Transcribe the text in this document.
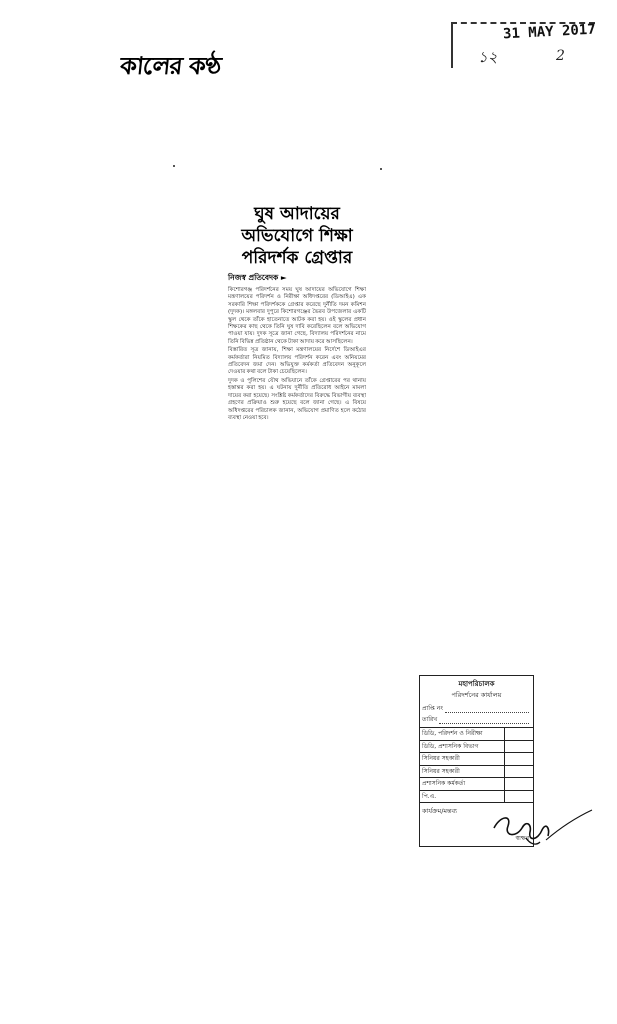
কালের কণ্ঠ
31 MAY 2017
১২	2
ঘুষ আদায়ের
অভিযোগে শিক্ষা
পরিদর্শক গ্রেপ্তার
নিজস্ব প্রতিবেদক ►

কিশোরগঞ্জ পরিদর্শনের সময় ঘুষ আদায়ের অভিযোগে শিক্ষা মন্ত্রণালয়ের পরিদর্শন ও নিরীক্ষা অধিদপ্তরের (ডিআইএ) এক সরকারি শিক্ষা পরিদর্শককে গ্রেপ্তার করেছে দুর্নীতি দমন কমিশন (দুদক)। মঙ্গলবার দুপুরে কিশোরগঞ্জের ভৈরব উপজেলার একটি স্কুল থেকে তাঁকে হাতেনাতে আটক করা হয়। ওই স্কুলের প্রধান শিক্ষকের কাছ থেকে তিনি ঘুষ দাবি করেছিলেন বলে অভিযোগ পাওয়া যায়। দুদক সূত্রে জানা গেছে, বিদ্যালয় পরিদর্শনের নামে তিনি বিভিন্ন প্রতিষ্ঠান থেকে টাকা আদায় করে আসছিলেন।

বিস্তারিত সূত্র জানায়, শিক্ষা মন্ত্রণালয়ের নির্দেশে ডিআইএর কর্মকর্তারা নিয়মিত বিদ্যালয় পরিদর্শন করেন এবং অনিয়মের প্রতিবেদন জমা দেন। অভিযুক্ত কর্মকর্তা প্রতিবেদন অনুকূলে দেওয়ার কথা বলে টাকা চেয়েছিলেন।

দুদক ও পুলিশের যৌথ অভিযানে তাঁকে গ্রেপ্তারের পর থানায় হস্তান্তর করা হয়। এ ঘটনায় দুর্নীতি প্রতিরোধ আইনে মামলা দায়ের করা হয়েছে। সংশ্লিষ্ট কর্মকর্তাদের বিরুদ্ধে বিভাগীয় ব্যবস্থা গ্রহণের প্রক্রিয়াও শুরু হয়েছে বলে জানা গেছে। এ বিষয়ে অধিদপ্তরের পরিচালক জানান, অভিযোগ প্রমাণিত হলে কঠোর ব্যবস্থা নেওয়া হবে।

মহাপরিচালক
পরিদর্শনের কার্যালয়
প্রাপ্তি নং
তারিখ
ডিডি, পরিদর্শন ও নিরীক্ষা
ডিডি, প্রশাসনিক বিভাগ
সিনিয়র সহকারী
সিনিয়র সহকারী
প্রশাসনিক কর্মকর্তা
পি.এ.
কার্যক্রম/মন্তব্য
স্বাক্ষর
